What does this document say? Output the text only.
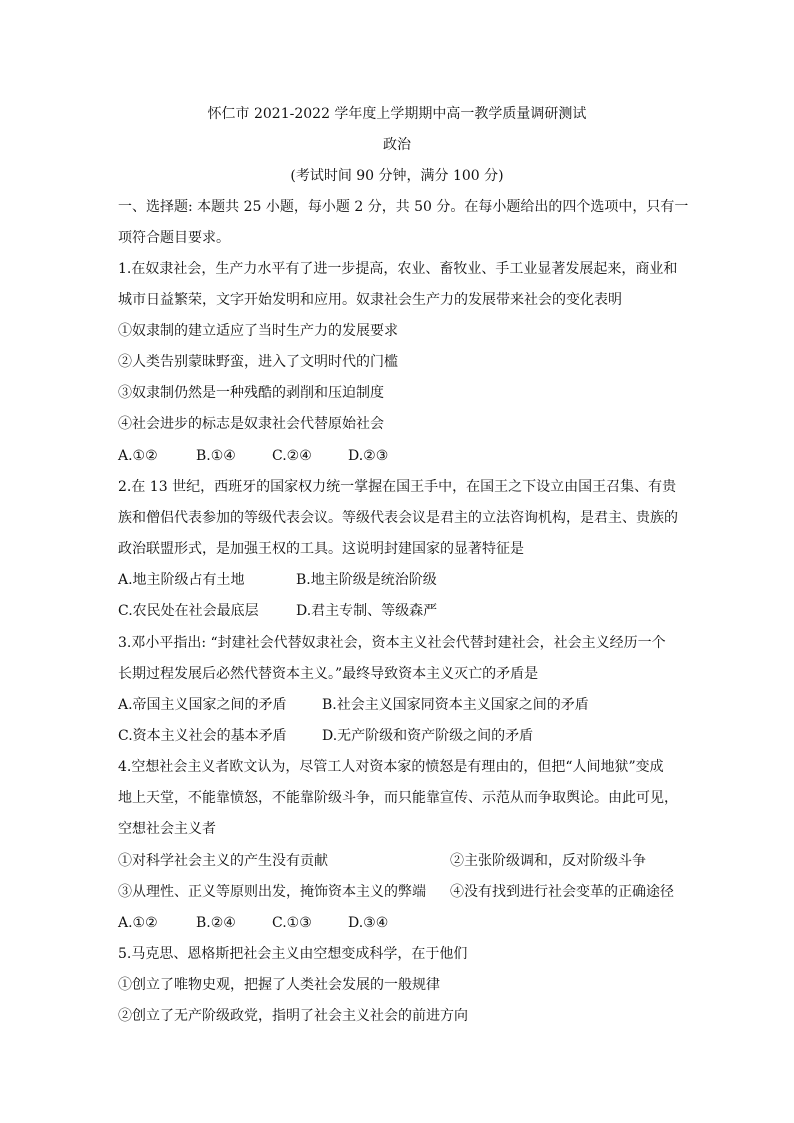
怀仁市 2021-2022 学年度上学期期中高一教学质量调研测试
政治
(考试时间 90 分钟，满分 100 分)
一、选择题: 本题共 25 小题，每小题 2 分，共 50 分。在每小题给出的四个选项中，只有一
项符合题目要求。
1.在奴隶社会，生产力水平有了进一步提高，农业、畜牧业、手工业显著发展起来，商业和
城市日益繁荣，文字开始发明和应用。奴隶社会生产力的发展带来社会的变化表明
①奴隶制的建立适应了当时生产力的发展要求
②人类告别蒙昧野蛮，进入了文明时代的门槛
③奴隶制仍然是一种残酷的剥削和压迫制度
④社会进步的标志是奴隶社会代替原始社会
A.①②	B.①④	C.②④	D.②③
2.在 13 世纪，西班牙的国家权力统一掌握在国王手中，在国王之下设立由国王召集、有贵
族和僧侣代表参加的等级代表会议。等级代表会议是君主的立法咨询机构，是君主、贵族的
政治联盟形式，是加强王权的工具。这说明封建国家的显著特征是
A.地主阶级占有土地	B.地主阶级是统治阶级
C.农民处在社会最底层	D.君主专制、等级森严
3.邓小平指出: “封建社会代替奴隶社会，资本主义社会代替封建社会，社会主义经历一个
长期过程发展后必然代替资本主义。”最终导致资本主义灭亡的矛盾是
A.帝国主义国家之间的矛盾	B.社会主义国家同资本主义国家之间的矛盾
C.资本主义社会的基本矛盾	D.无产阶级和资产阶级之间的矛盾
4.空想社会主义者欧文认为，尽管工人对资本家的愤怒是有理由的，但把“人间地狱”变成
地上天堂，不能靠愤怒，不能靠阶级斗争，而只能靠宣传、示范从而争取舆论。由此可见，
空想社会主义者
①对科学社会主义的产生没有贡献	②主张阶级调和，反对阶级斗争
③从理性、正义等原则出发，掩饰资本主义的弊端 ④没有找到进行社会变革的正确途径
A.①②	B.②④	C.①③	D.③④
5.马克思、恩格斯把社会主义由空想变成科学，在于他们
①创立了唯物史观，把握了人类社会发展的一般规律
②创立了无产阶级政党，指明了社会主义社会的前进方向
